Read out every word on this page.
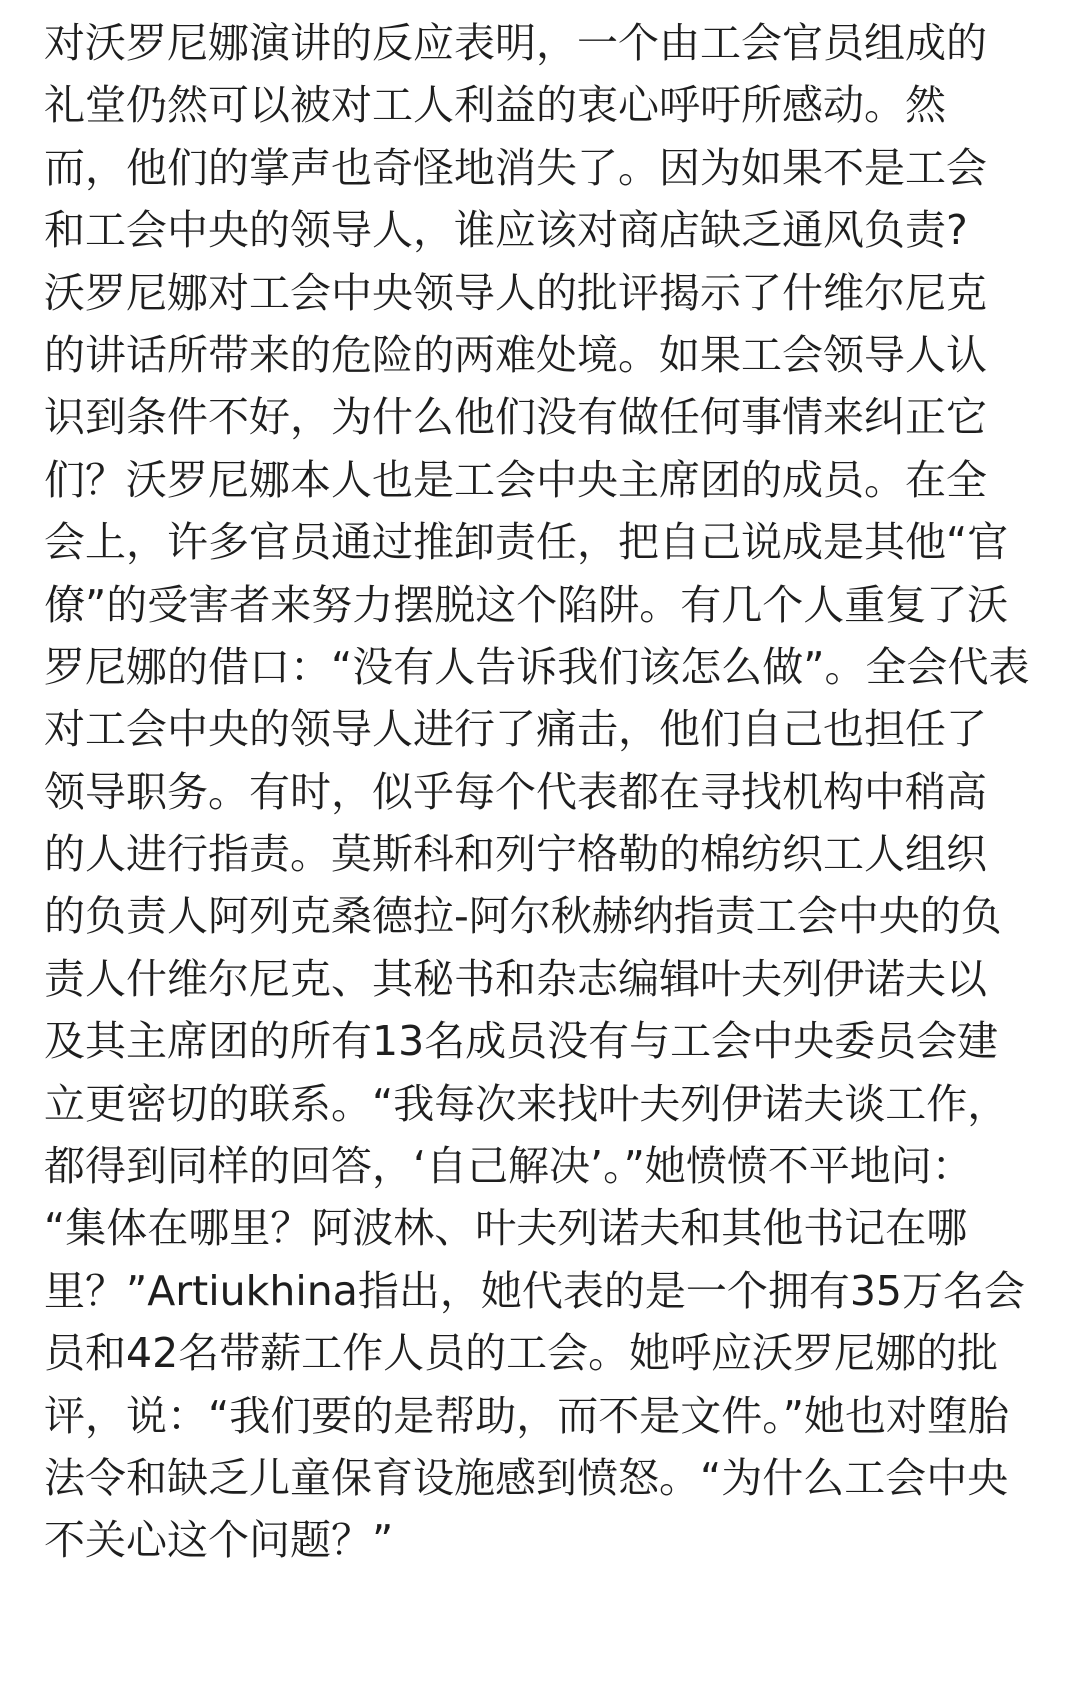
对沃罗尼娜演讲的反应表明，一个由工会官员组成的
礼堂仍然可以被对工人利益的衷心呼吁所感动。然
而，他们的掌声也奇怪地消失了。因为如果不是工会
和工会中央的领导人，谁应该对商店缺乏通风负责?
沃罗尼娜对工会中央领导人的批评揭示了什维尔尼克
的讲话所带来的危险的两难处境。如果工会领导人认
识到条件不好，为什么他们没有做任何事情来纠正它
们？沃罗尼娜本人也是工会中央主席团的成员。在全
会上，许多官员通过推卸责任，把自己说成是其他“官
僚”的受害者来努力摆脱这个陷阱。有几个人重复了沃
罗尼娜的借口：“没有人告诉我们该怎么做”。全会代表
对工会中央的领导人进行了痛击，他们自己也担任了
领导职务。有时，似乎每个代表都在寻找机构中稍高
的人进行指责。莫斯科和列宁格勒的棉纺织工人组织
的负责人阿列克桑德拉-阿尔秋赫纳指责工会中央的负
责人什维尔尼克、其秘书和杂志编辑叶夫列伊诺夫以
及其主席团的所有13名成员没有与工会中央委员会建
立更密切的联系。“我每次来找叶夫列伊诺夫谈工作，
都得到同样的回答，‘自己解决’。”她愤愤不平地问：
“集体在哪里？阿波林、叶夫列诺夫和其他书记在哪
里？”Artiukhina指出，她代表的是一个拥有35万名会
员和42名带薪工作人员的工会。她呼应沃罗尼娜的批
评，说：“我们要的是帮助，而不是文件。”她也对堕胎
法令和缺乏儿童保育设施感到愤怒。“为什么工会中央
不关心这个问题？”
